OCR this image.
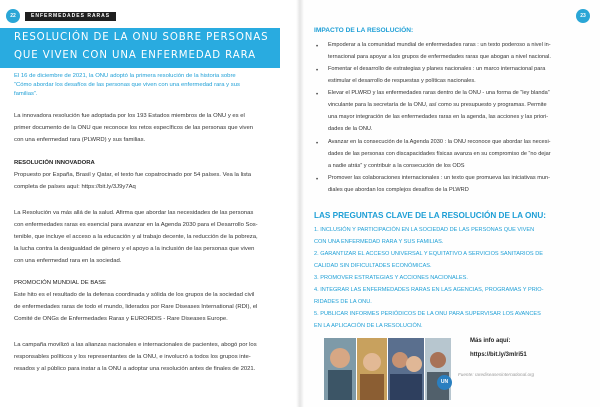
22	ENFERMEDADES RARAS
RESOLUCIÓN DE LA ONU SOBRE PERSONAS
QUE VIVEN CON UNA ENFERMEDAD RARA
El 16 de diciembre de 2021, la ONU adoptó la primera resolución de la historia sobre
“Cómo abordar los desafíos de las personas que viven con una enfermedad rara y sus
familias”.
La innovadora resolución fue adoptada por los 193 Estados miembros de la ONU y es el
primer documento de la ONU que reconoce los retos específicos de las personas que viven
con una enfermedad rara (PLWRD) y sus familias.
RESOLUCIÓN INNOVADORA
Propuesto por España, Brasil y Qatar, el texto fue copatrocinado por 54 países. Vea la lista
completa de países aquí: https://bit.ly/3J9y7Aq
La Resolución va más allá de la salud. Afirma que abordar las necesidades de las personas
con enfermedades raras es esencial para avanzar en la Agenda 2030 para el Desarrollo Sos-
tenible, que incluye el acceso a la educación y al trabajo decente, la reducción de la pobreza,
la lucha contra la desigualdad de género y el apoyo a la inclusión de las personas que viven
con una enfermedad rara en la sociedad.
PROMOCIÓN MUNDIAL DE BASE
Este hito es el resultado de la defensa coordinada y sólida de los grupos de la sociedad civil
de enfermedades raras de todo el mundo, liderados por Rare Diseases International (RDI), el
Comité de ONGs de Enfermedades Raras y EURORDIS - Rare Diseases Europe.
La campaña movilizó a las alianzas nacionales e internacionales de pacientes, abogó por los
responsables políticos y los representantes de la ONU, e involucró a todos los grupos inte-
resados y al público para instar a la ONU a adoptar una resolución antes de finales de 2021.
23
IMPACTO DE LA RESOLUCIÓN:
•	Empoderar a la comunidad mundial de enfermedades raras : un texto poderoso a nivel in-
ternacional para apoyar a los grupos de enfermedades raras que abogan a nivel nacional.
•	Fomentar el desarrollo de estrategias y planes nacionales : un marco internacional para
estimular el desarrollo de respuestas y políticas nacionales.
•	Elevar el PLWRD y las enfermedades raras dentro de la ONU - una forma de “ley blanda”
vinculante para la secretaría de la ONU, así como su presupuesto y programas. Permite
una mayor integración de las enfermedades raras en la agenda, las acciones y las priori-
dades de la ONU.
•	Avanzar en la consecución de la Agenda 2030 : la ONU reconoce que abordar las necesi-
dades de las personas con discapacidades físicas avanza en su compromiso de “no dejar
a nadie atrás” y contribuir a la consecución de los ODS
•	Promover las colaboraciones internacionales : un texto que promueva las iniciativas mun-
diales que abordan los complejos desafíos de la PLWRD
LAS PREGUNTAS CLAVE DE LA RESOLUCIÓN DE LA ONU:
1. INCLUSIÓN Y PARTICIPACIÓN EN LA SOCIEDAD DE LAS PERSONAS QUE VIVEN
CON UNA ENFERMEDAD RARA Y SUS FAMILIAS.
2. GARANTIZAR EL ACCESO UNIVERSAL Y EQUITATIVO A SERVICIOS SANITARIOS DE
CALIDAD SIN DIFICULTADES ECONÓMICAS.
3. PROMOVER ESTRATEGIAS Y ACCIONES NACIONALES.
4. INTEGRAR LAS ENFERMEDADES RARAS EN LAS AGENCIAS, PROGRAMAS Y PRIO-
RIDADES DE LA ONU.
5. PUBLICAR INFORMES PERIÓDICOS DE LA ONU PARA SUPERVISAR LOS AVANCES
EN LA APLICACIÓN DE LA RESOLUCIÓN.
UN
Más info aquí:
https://bit.ly/3mlri51
Fuente: rarediseasesinternational.org
